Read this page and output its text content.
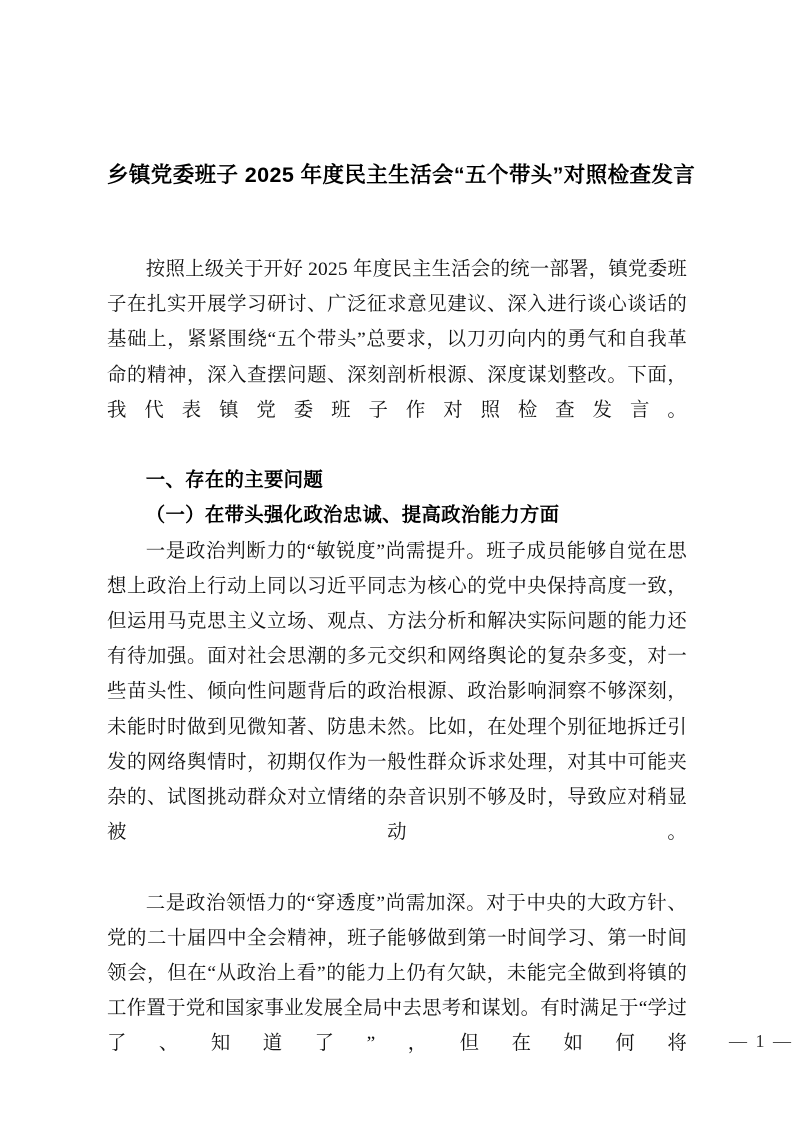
乡镇党委班子 2025 年度民主生活会“五个带头”对照检查发言

按照上级关于开好 2025 年度民主生活会的统一部署，镇党委班子在扎实开展学习研讨、广泛征求意见建议、深入进行谈心谈话的基础上，紧紧围绕“五个带头”总要求，以刀刃向内的勇气和自我革命的精神，深入查摆问题、深刻剖析根源、深度谋划整改。下面，我代表镇党委班子作对照检查发言。

一、存在的主要问题
（一）在带头强化政治忠诚、提高政治能力方面

一是政治判断力的“敏锐度”尚需提升。班子成员能够自觉在思想上政治上行动上同以习近平同志为核心的党中央保持高度一致，但运用马克思主义立场、观点、方法分析和解决实际问题的能力还有待加强。面对社会思潮的多元交织和网络舆论的复杂多变，对一些苗头性、倾向性问题背后的政治根源、政治影响洞察不够深刻，未能时时做到见微知著、防患未然。比如，在处理个别征地拆迁引发的网络舆情时，初期仅作为一般性群众诉求处理，对其中可能夹杂的、试图挑动群众对立情绪的杂音识别不够及时，导致应对稍显被动。

二是政治领悟力的“穿透度”尚需加深。对于中央的大政方针、党的二十届四中全会精神，班子能够做到第一时间学习、第一时间领会，但在“从政治上看”的能力上仍有欠缺，未能完全做到将镇的工作置于党和国家事业发展全局中去思考和谋划。有时满足于“学过了、知道了”，但在如何将	— 1 —
